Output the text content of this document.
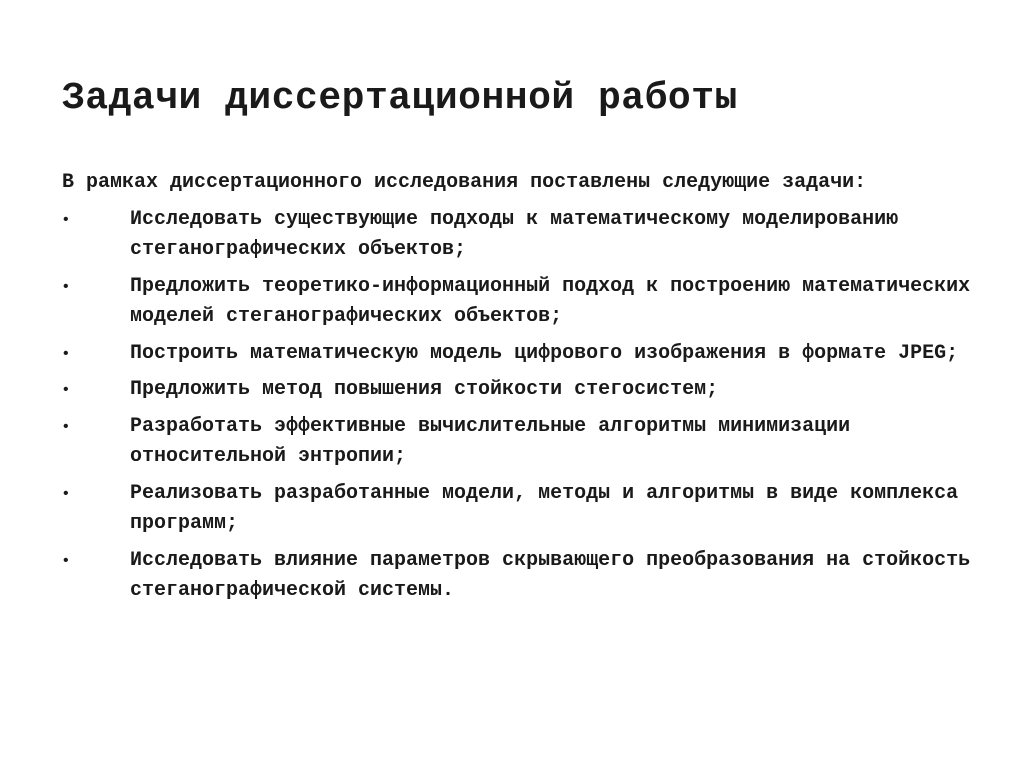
Задачи диссертационной работы

В рамках диссертационного исследования поставлены следующие задачи:

•	Исследовать существующие подходы к математическому моделированию стеганографических объектов;
•	Предложить теоретико-информационный подход к построению математических моделей стеганографических объектов;
•	Построить математическую модель цифрового изображения в формате JPEG;
•	Предложить метод повышения стойкости стегосистем;
•	Разработать эффективные вычислительные алгоритмы минимизации относительной энтропии;
•	Реализовать разработанные модели, методы и алгоритмы в виде комплекса программ;
•	Исследовать влияние параметров скрывающего преобразования на стойкость стеганографической системы.
